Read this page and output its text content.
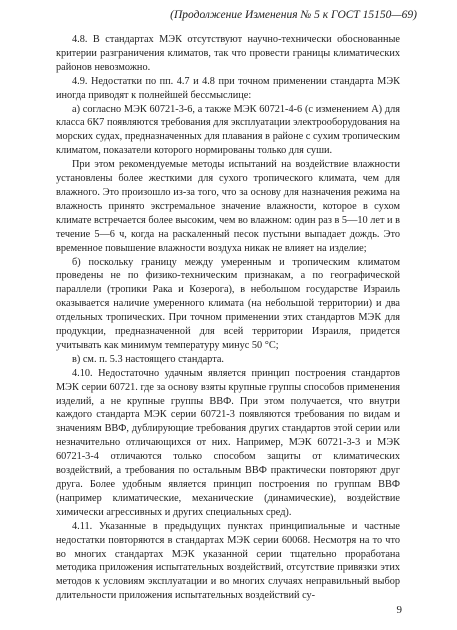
(Продолжение Изменения № 5 к ГОСТ 15150—69)

4.8. В стандартах МЭК отсутствуют научно-технически обоснованные критерии разграничения климатов, так что провести границы климатических районов невозможно.

4.9. Недостатки по пп. 4.7 и 4.8 при точном применении стандарта МЭК иногда приводят к полнейшей бессмыслице:

а) согласно МЭК 60721-3-6, а также МЭК 60721-4-6 (с изменением А) для класса 6К7 появляются требования для эксплуатации электрооборудования на морских судах, предназначенных для плавания в районе с сухим тропическим климатом, показатели которого нормированы только для суши.

При этом рекомендуемые методы испытаний на воздействие влажности установлены более жесткими для сухого тропического климата, чем для влажного. Это произошло из-за того, что за основу для назначения режима на влажность принято экстремальное значение влажности, которое в сухом климате встречается более высоким, чем во влажном: один раз в 5—10 лет и в течение 5—6 ч, когда на раскаленный песок пустыни выпадает дождь. Это временное повышение влажности воздуха никак не влияет на изделие;

б) поскольку границу между умеренным и тропическим климатом проведены не по физико-техническим признакам, а по географической параллели (тропики Рака и Козерога), в небольшом государстве Израиль оказывается наличие умеренного климата (на небольшой территории) и два отдельных тропических. При точном применении этих стандартов МЭК для продукции, предназначенной для всей территории Израиля, придется учитывать как минимум температуру минус 50 °С;

в) см. п. 5.3 настоящего стандарта.

4.10. Недостаточно удачным является принцип построения стандартов МЭК серии 60721. где за основу взяты крупные группы способов применения изделий, а не крупные группы ВВФ. При этом получается, что внутри каждого стандарта МЭК серии 60721-3 появляются требования по видам и значениям ВВФ, дублирующие требования других стандартов этой серии или незначительно отличающихся от них. Например, МЭК 60721-3-3 и МЭК 60721-3-4 отличаются только способом защиты от климатических воздействий, а требования по остальным ВВФ практически повторяют друг друга. Более удобным является принцип построения по группам ВВФ (например климатические, механические (динамические), воздействие химически агрессивных и других специальных сред).

4.11. Указанные в предыдущих пунктах принципиальные и частные недостатки повторяются в стандартах МЭК серии 60068. Несмотря на то что во многих стандартах МЭК указанной серии тщательно проработана методика приложения испытательных воздействий, отсутствие привязки этих методов к условиям эксплуатации и во многих случаях неправильный выбор длительности приложения испытательных воздействий су-

9
